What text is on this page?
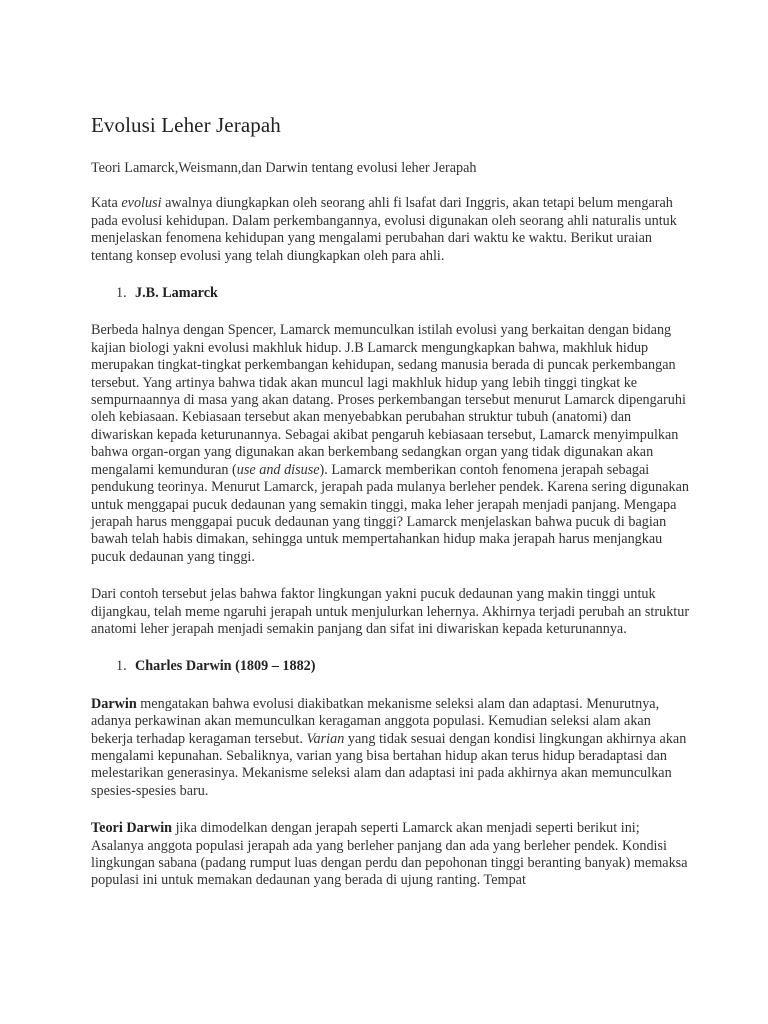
Evolusi Leher Jerapah

Teori Lamarck,Weismann,dan Darwin tentang evolusi leher Jerapah

Kata evolusi awalnya diungkapkan oleh seorang ahli fi lsafat dari Inggris, akan tetapi belum mengarah pada evolusi kehidupan. Dalam perkembangannya, evolusi digunakan oleh seorang ahli naturalis untuk menjelaskan fenomena kehidupan yang mengalami perubahan dari waktu ke waktu. Berikut uraian tentang konsep evolusi yang telah diungkapkan oleh para ahli.

1. J.B. Lamarck

Berbeda halnya dengan Spencer, Lamarck memunculkan istilah evolusi yang berkaitan dengan bidang kajian biologi yakni evolusi makhluk hidup. J.B Lamarck mengungkapkan bahwa, makhluk hidup merupakan tingkat-tingkat perkembangan kehidupan, sedang manusia berada di puncak perkembangan tersebut. Yang artinya bahwa tidak akan muncul lagi makhluk hidup yang lebih tinggi tingkat ke sempurnaannya di masa yang akan datang. Proses perkembangan tersebut menurut Lamarck dipengaruhi oleh kebiasaan. Kebiasaan tersebut akan menyebabkan perubahan struktur tubuh (anatomi) dan diwariskan kepada keturunannya. Sebagai akibat pengaruh kebiasaan tersebut, Lamarck menyimpulkan bahwa organ-organ yang digunakan akan berkembang sedangkan organ yang tidak digunakan akan mengalami kemunduran (use and disuse). Lamarck memberikan contoh fenomena jerapah sebagai pendukung teorinya. Menurut Lamarck, jerapah pada mulanya berleher pendek. Karena sering digunakan untuk menggapai pucuk dedaunan yang semakin tinggi, maka leher jerapah menjadi panjang. Mengapa jerapah harus menggapai pucuk dedaunan yang tinggi? Lamarck menjelaskan bahwa pucuk di bagian bawah telah habis dimakan, sehingga untuk mempertahankan hidup maka jerapah harus menjangkau pucuk dedaunan yang tinggi.

Dari contoh tersebut jelas bahwa faktor lingkungan yakni pucuk dedaunan yang makin tinggi untuk dijangkau, telah meme ngaruhi jerapah untuk menjulurkan lehernya. Akhirnya terjadi perubah an struktur anatomi leher jerapah menjadi semakin panjang dan sifat ini diwariskan kepada keturunannya.

1. Charles Darwin (1809 – 1882)

Darwin mengatakan bahwa evolusi diakibatkan mekanisme seleksi alam dan adaptasi. Menurutnya, adanya perkawinan akan memunculkan keragaman anggota populasi. Kemudian seleksi alam akan bekerja terhadap keragaman tersebut. Varian yang tidak sesuai dengan kondisi lingkungan akhirnya akan mengalami kepunahan. Sebaliknya, varian yang bisa bertahan hidup akan terus hidup beradaptasi dan melestarikan generasinya. Mekanisme seleksi alam dan adaptasi ini pada akhirnya akan memunculkan spesies-spesies baru.

Teori Darwin jika dimodelkan dengan jerapah seperti Lamarck akan menjadi seperti berikut ini; Asalanya anggota populasi jerapah ada yang berleher panjang dan ada yang berleher pendek. Kondisi lingkungan sabana (padang rumput luas dengan perdu dan pepohonan tinggi beranting banyak) memaksa populasi ini untuk memakan dedaunan yang berada di ujung ranting. Tempat
